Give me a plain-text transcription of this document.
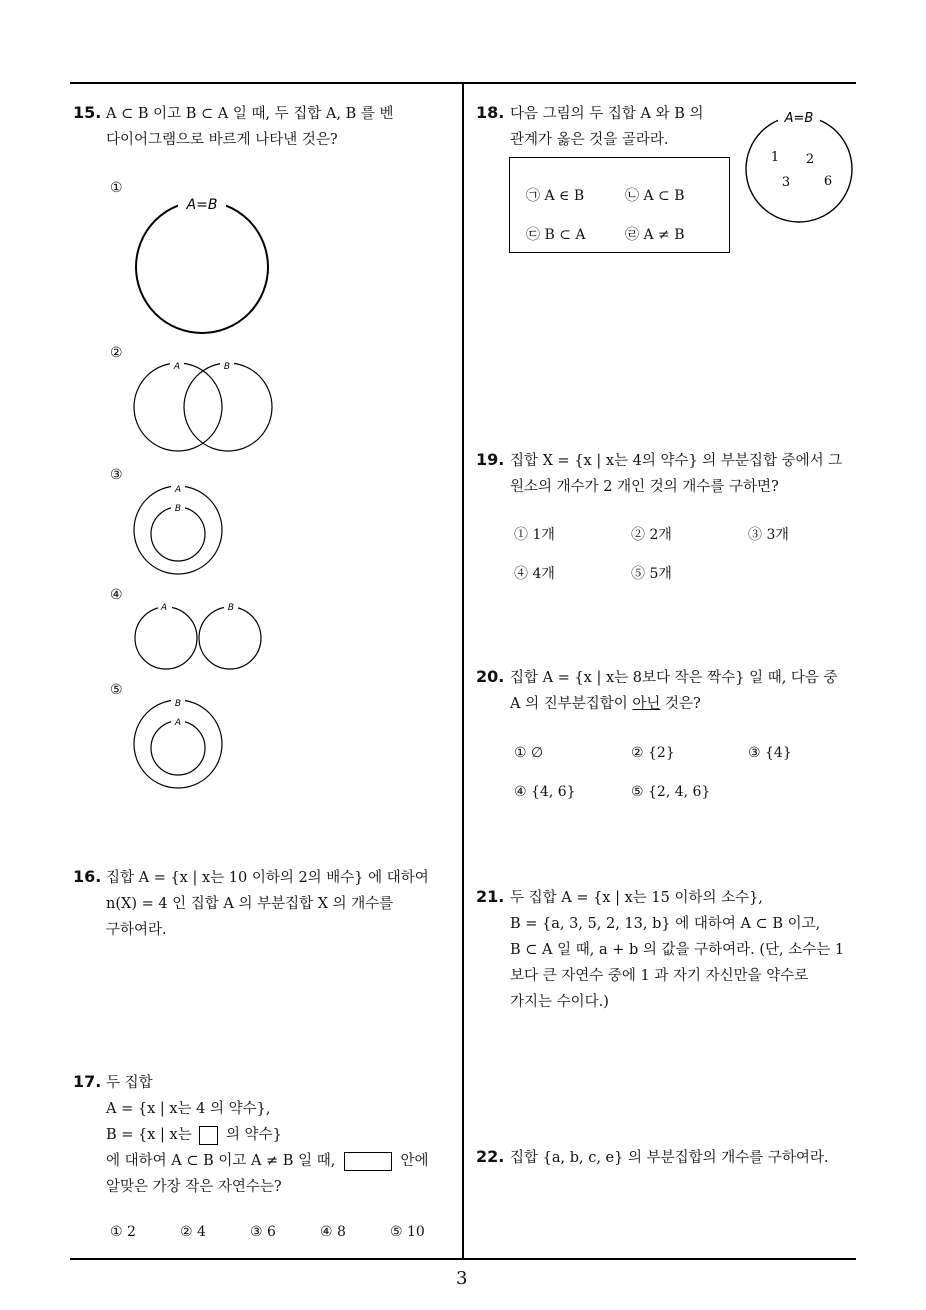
15. A ⊂ B 이고 B ⊂ A 일 때, 두 집합 A, B 를 벤
다이어그램으로 바르게 나타낸 것은?
①
A=B
②
A	B
③
A
B
④
A	B
⑤
B
A
16. 집합 A = {x | x는 10 이하의 2의 배수} 에 대하여
n(X) = 4 인 집합 A 의 부분집합 X 의 개수를
구하여라.
17. 두 집합
A = {x | x는 4 의 약수},
B = {x | x는 의 약수}
에 대하여 A ⊂ B 이고 A ≠ B 일 때,	안에
알맞은 가장 작은 자연수는?
① 2	② 4	③ 6	④ 8	⑤ 10
18. 다음 그림의 두 집합 A 와 B 의
관계가 옳은 것을 골라라.
㉠ A ∈ B	㉡ A ⊂ B
㉢ B ⊂ A	㉣ A ≠ B
A=B
1 2
3	6
19. 집합 X = {x | x는 4의 약수} 의 부분집합 중에서 그
원소의 개수가 2 개인 것의 개수를 구하면?
① 1개	② 2개	③ 3개
④ 4개	⑤ 5개
20. 집합 A = {x | x는 8보다 작은 짝수} 일 때, 다음 중
A 의 진부분집합이 아닌 것은?
① ∅	② {2}	③ {4}
④ {4, 6}	⑤ {2, 4, 6}
21. 두 집합 A = {x | x는 15 이하의 소수},
B = {a, 3, 5, 2, 13, b} 에 대하여 A ⊂ B 이고,
B ⊂ A 일 때, a + b 의 값을 구하여라. (단, 소수는 1
보다 큰 자연수 중에 1 과 자기 자신만을 약수로
가지는 수이다.)
22. 집합 {a, b, c, e} 의 부분집합의 개수를 구하여라.
3
